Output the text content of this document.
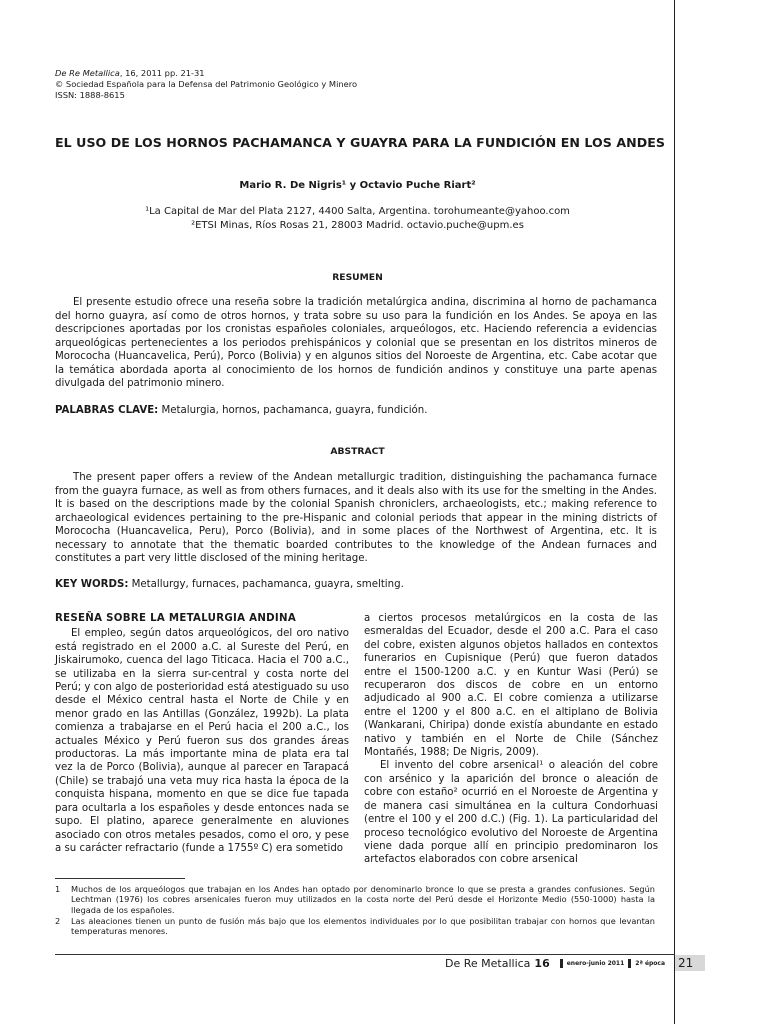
De Re Metallica, 16, 2011 pp. 21-31
© Sociedad Española para la Defensa del Patrimonio Geológico y Minero
ISSN: 1888-8615
EL USO DE LOS HORNOS PACHAMANCA Y GUAYRA PARA LA FUNDICIÓN EN LOS ANDES
Mario R. De Nigris¹ y Octavio Puche Riart²
¹La Capital de Mar del Plata 2127, 4400 Salta, Argentina. torohumeante@yahoo.com
²ETSI Minas, Ríos Rosas 21, 28003 Madrid. octavio.puche@upm.es
RESUMEN

El presente estudio ofrece una reseña sobre la tradición metalúrgica andina, discrimina al horno de pachamanca del horno guayra, así como de otros hornos, y trata sobre su uso para la fundición en los Andes. Se apoya en las descripciones aportadas por los cronistas españoles coloniales, arqueólogos, etc. Haciendo referencia a evidencias arqueológicas pertenecientes a los periodos prehispánicos y colonial que se presentan en los distritos mineros de Morococha (Huancavelica, Perú), Porco (Bolivia) y en algunos sitios del Noroeste de Argentina, etc. Cabe acotar que la temática abordada aporta al conocimiento de los hornos de fundición andinos y constituye una parte apenas divulgada del patrimonio minero.

PALABRAS CLAVE: Metalurgia, hornos, pachamanca, guayra, fundición.
ABSTRACT

The present paper offers a review of the Andean metallurgic tradition, distinguishing the pachamanca furnace from the guayra furnace, as well as from others furnaces, and it deals also with its use for the smelting in the Andes. It is based on the descriptions made by the colonial Spanish chroniclers, archaeologists, etc.; making reference to archaeological evidences pertaining to the pre-Hispanic and colonial periods that appear in the mining districts of Morococha (Huancavelica, Peru), Porco (Bolivia), and in some places of the Northwest of Argentina, etc. It is necessary to annotate that the thematic boarded contributes to the knowledge of the Andean furnaces and constitutes a part very little disclosed of the mining heritage.

KEY WORDS: Metallurgy, furnaces, pachamanca, guayra, smelting.
RESEÑA SOBRE LA METALURGIA ANDINA

El empleo, según datos arqueológicos, del oro nativo está registrado en el 2000 a.C. al Sureste del Perú, en Jiskairumoko, cuenca del lago Titicaca. Hacia el 700 a.C., se utilizaba en la sierra sur-central y costa norte del Perú; y con algo de posterioridad está atestiguado su uso desde el México central hasta el Norte de Chile y en menor grado en las Antillas (González, 1992b). La plata comienza a trabajarse en el Perú hacia el 200 a.C., los actuales México y Perú fueron sus dos grandes áreas productoras. La más importante mina de plata era tal vez la de Porco (Bolivia), aunque al parecer en Tarapacá (Chile) se trabajó una veta muy rica hasta la época de la conquista hispana, momento en que se dice fue tapada para ocultarla a los españoles y desde entonces nada se supo. El platino, aparece generalmente en aluviones asociado con otros metales pesados, como el oro, y pese a su carácter refractario (funde a 1755º C) era sometido

a ciertos procesos metalúrgicos en la costa de las esmeraldas del Ecuador, desde el 200 a.C. Para el caso del cobre, existen algunos objetos hallados en contextos funerarios en Cupisnique (Perú) que fueron datados entre el 1500-1200 a.C. y en Kuntur Wasi (Perú) se recuperaron dos discos de cobre en un entorno adjudicado al 900 a.C. El cobre comienza a utilizarse entre el 1200 y el 800 a.C. en el altiplano de Bolivia (Wankarani, Chiripa) donde existía abundante en estado nativo y también en el Norte de Chile (Sánchez Montañés, 1988; De Nigris, 2009).

El invento del cobre arsenical¹ o aleación del cobre con arsénico y la aparición del bronce o aleación de cobre con estaño² ocurrió en el Noroeste de Argentina y de manera casi simultánea en la cultura Condorhuasi (entre el 100 y el 200 d.C.) (Fig. 1). La particularidad del proceso tecnológico evolutivo del Noroeste de Argentina viene dada porque allí en principio predominaron los artefactos elaborados con cobre arsenical

1	Muchos de los arqueólogos que trabajan en los Andes han optado por denominarlo bronce lo que se presta a grandes confusiones. Según Lechtman (1976) los cobres arsenicales fueron muy utilizados en la costa norte del Perú desde el Horizonte Medio (550-1000) hasta la llegada de los españoles.
2	Las aleaciones tienen un punto de fusión más bajo que los elementos individuales por lo que posibilitan trabajar con hornos que levantan temperaturas menores.
De Re Metallica 16	enero-junio 2011 2ª época 21
